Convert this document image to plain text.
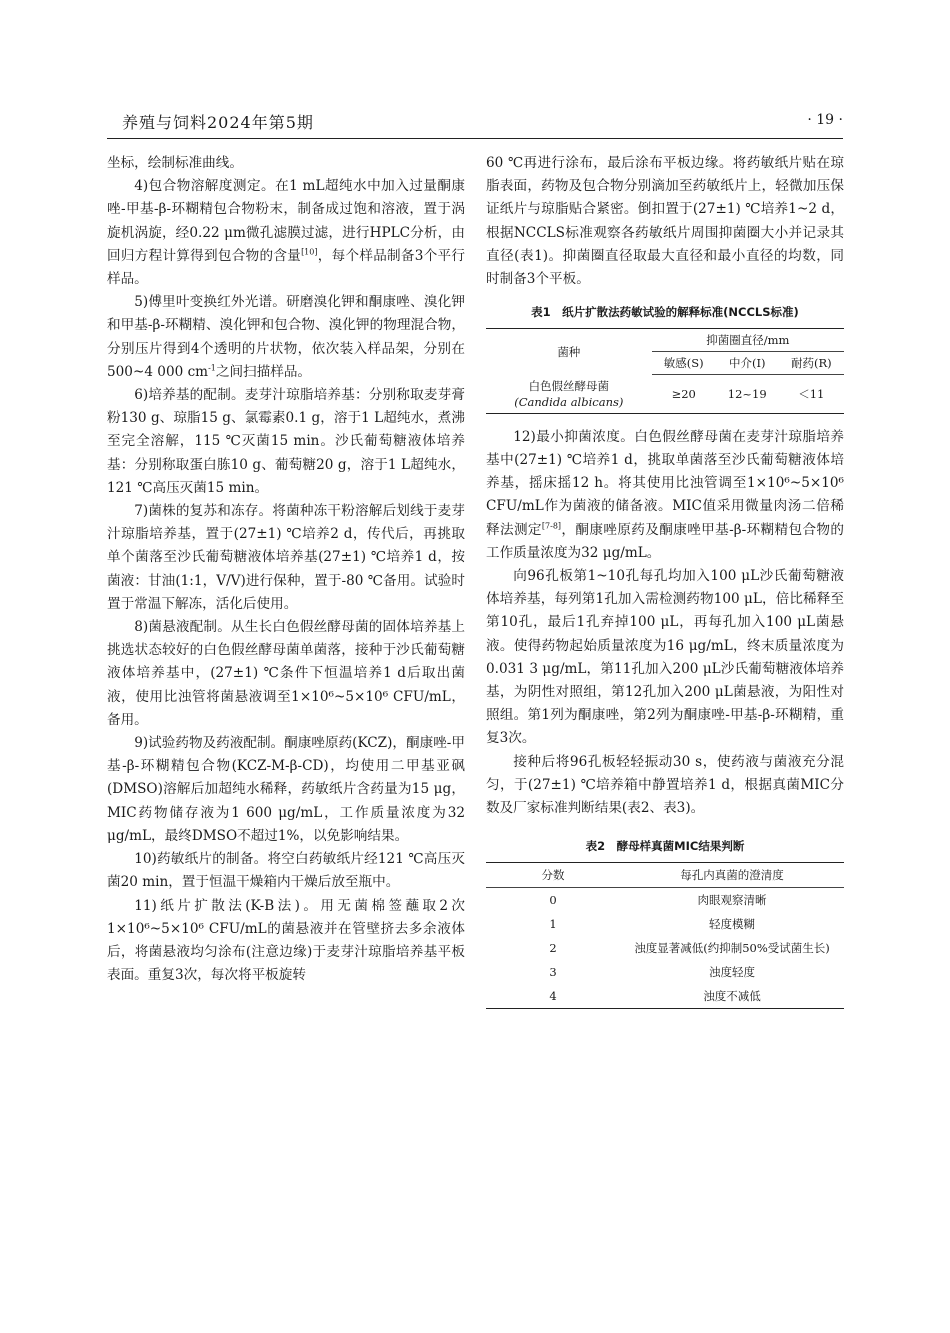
养殖与饲料2024年第5期	· 19 ·

坐标，绘制标准曲线。

4)包合物溶解度测定。在1 mL超纯水中加入过量酮康唑-甲基-β-环糊精包合物粉末，制备成过饱和溶液，置于涡旋机涡旋，经0.22 μm微孔滤膜过滤，进行HPLC分析，由回归方程计算得到包合物的含量[10]，每个样品制备3个平行样品。

5)傅里叶变换红外光谱。研磨溴化钾和酮康唑、溴化钾和甲基-β-环糊精、溴化钾和包合物、溴化钾的物理混合物，分别压片得到4个透明的片状物，依次装入样品架，分别在500~4 000 $cm^{-1}$之间扫描样品。

6)培养基的配制。麦芽汁琼脂培养基：分别称取麦芽膏粉130 g、琼脂15 g、氯霉素0.1 g，溶于1 L超纯水，煮沸至完全溶解，115 ℃灭菌15 min。沙氏葡萄糖液体培养基：分别称取蛋白胨10 g、葡萄糖20 g，溶于1 L超纯水，121 ℃高压灭菌15 min。

7)菌株的复苏和冻存。将菌种冻干粉溶解后划线于麦芽汁琼脂培养基，置于(27±1) ℃培养2 d，传代后，再挑取单个菌落至沙氏葡萄糖液体培养基(27±1) ℃培养1 d，按菌液：甘油(1:1，V/V)进行保种，置于-80 ℃备用。试验时置于常温下解冻，活化后使用。

8)菌悬液配制。从生长白色假丝酵母菌的固体培养基上挑选状态较好的白色假丝酵母菌单菌落，接种于沙氏葡萄糖液体培养基中，(27±1) ℃条件下恒温培养1 d后取出菌液，使用比浊管将菌悬液调至1×10⁶~5×10⁶ CFU/mL，备用。

9)试验药物及药液配制。酮康唑原药(KCZ)，酮康唑-甲基-β-环糊精包合物(KCZ-M-β-CD)，均使用二甲基亚砜(DMSO)溶解后加超纯水稀释，药敏纸片含药量为15 μg，MIC药物储存液为1 600 μg/mL，工作质量浓度为32 μg/mL，最终DMSO不超过1%，以免影响结果。

10)药敏纸片的制备。将空白药敏纸片经121 ℃高压灭菌20 min，置于恒温干燥箱内干燥后放至瓶中。

11)纸片扩散法(K-B法)。用无菌棉签蘸取2次1×10⁶~5×10⁶ CFU/mL的菌悬液并在管壁挤去多余液体后，将菌悬液均匀涂布(注意边缘)于麦芽汁琼脂培养基平板表面。重复3次，每次将平板旋转

60 ℃再进行涂布，最后涂布平板边缘。将药敏纸片贴在琼脂表面，药物及包合物分别滴加至药敏纸片上，轻微加压保证纸片与琼脂贴合紧密。倒扣置于(27±1) ℃培养1~2 d，根据NCCLS标准观察各药敏纸片周围抑菌圈大小并记录其直径(表1)。抑菌圈直径取最大直径和最小直径的均数，同时制备3个平板。

表1　纸片扩散法药敏试验的解释标准(NCCLS标准)
菌种	抑菌圈直径/mm		
	敏感(S)	中介(I)	耐药(R)

白色假丝酵母菌
(Candida albicans)	≥20	12~19	＜11

12)最小抑菌浓度。白色假丝酵母菌在麦芽汁琼脂培养基中(27±1) ℃培养1 d，挑取单菌落至沙氏葡萄糖液体培养基，摇床摇12 h。将其使用比浊管调至1×10⁶~5×10⁶ CFU/mL作为菌液的储备液。MIC值采用微量肉汤二倍稀释法测定[7-8]，酮康唑原药及酮康唑甲基-β-环糊精包合物的工作质量浓度为32 μg/mL。

向96孔板第1~10孔每孔均加入100 μL沙氏葡萄糖液体培养基，每列第1孔加入需检测药物100 μL，倍比稀释至第10孔，最后1孔弃掉100 μL，再每孔加入100 μL菌悬液。使得药物起始质量浓度为16 μg/mL，终末质量浓度为0.031 3 μg/mL，第11孔加入200 μL沙氏葡萄糖液体培养基，为阴性对照组，第12孔加入200 μL菌悬液，为阳性对照组。第1列为酮康唑，第2列为酮康唑-甲基-β-环糊精，重复3次。

接种后将96孔板轻轻振动30 s，使药液与菌液充分混匀，于(27±1) ℃培养箱中静置培养1 d，根据真菌MIC分数及厂家标准判断结果(表2、表3)。

表2　酵母样真菌MIC结果判断
分数	每孔内真菌的澄清度
0	肉眼观察清晰
1	轻度模糊
2	浊度显著减低(约抑制50%受试菌生长)
3	浊度轻度
4	浊度不减低
